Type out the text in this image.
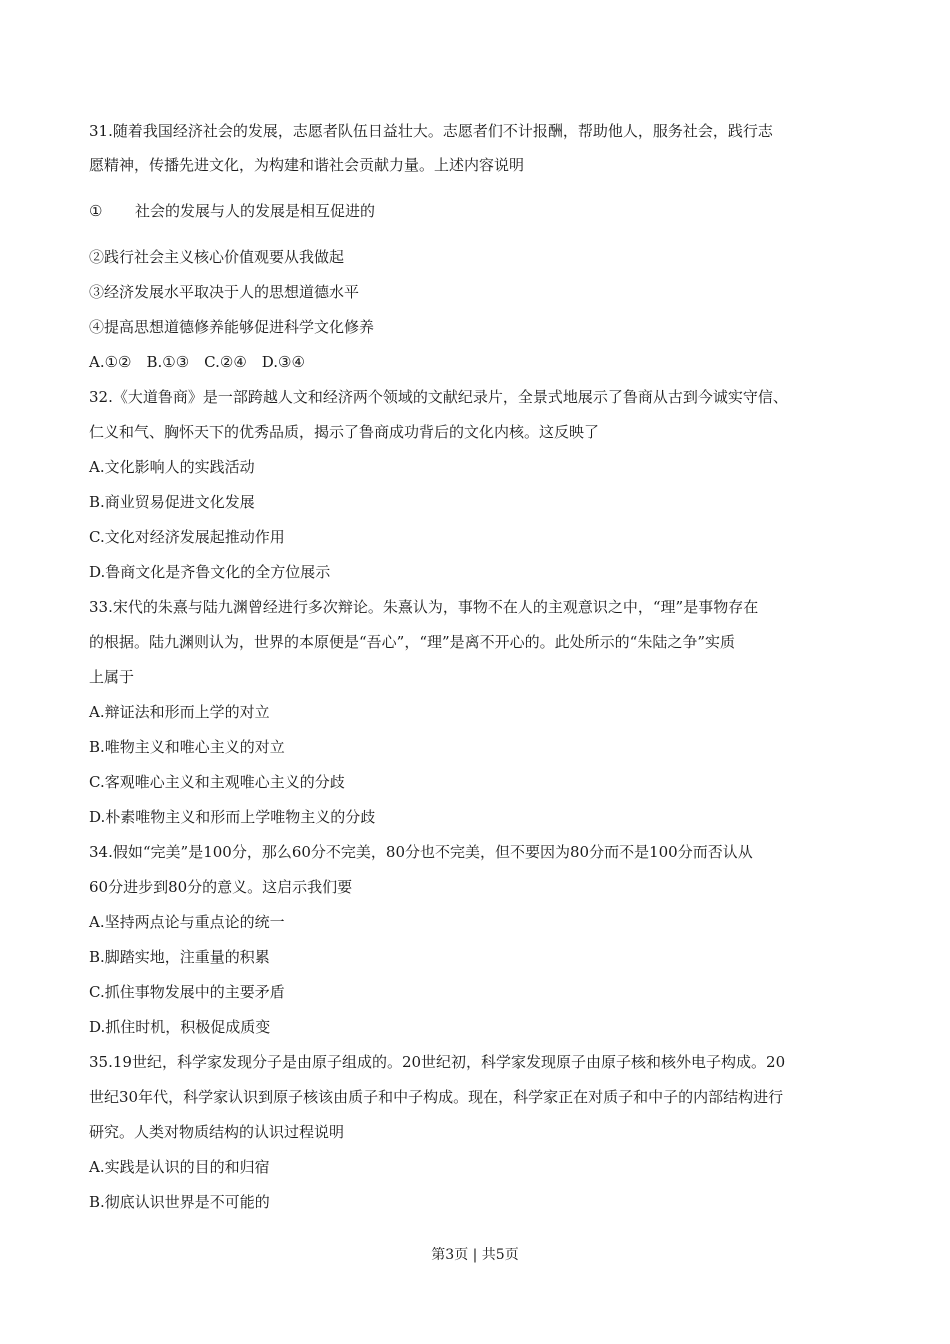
31.随着我国经济社会的发展，志愿者队伍日益壮大。志愿者们不计报酬，帮助他人，服务社会，践行志

愿精神，传播先进文化，为构建和谐社会贡献力量。上述内容说明

①	社会的发展与人的发展是相互促进的

②践行社会主义核心价值观要从我做起

③经济发展水平取决于人的思想道德水平

④提高思想道德修养能够促进科学文化修养

A.①②　B.①③　C.②④　D.③④

32.《大道鲁商》是一部跨越人文和经济两个领域的文献纪录片，全景式地展示了鲁商从古到今诚实守信、

仁义和气、胸怀天下的优秀品质，揭示了鲁商成功背后的文化内核。这反映了

A.文化影响人的实践活动

B.商业贸易促进文化发展

C.文化对经济发展起推动作用

D.鲁商文化是齐鲁文化的全方位展示

33.宋代的朱熹与陆九渊曾经进行多次辩论。朱熹认为，事物不在人的主观意识之中，“理”是事物存在

的根据。陆九渊则认为，世界的本原便是“吾心”，“理”是离不开心的。此处所示的“朱陆之争”实质

上属于

A.辩证法和形而上学的对立

B.唯物主义和唯心主义的对立

C.客观唯心主义和主观唯心主义的分歧

D.朴素唯物主义和形而上学唯物主义的分歧

34.假如“完美”是100分，那么60分不完美，80分也不完美，但不要因为80分而不是100分而否认从

60分进步到80分的意义。这启示我们要

A.坚持两点论与重点论的统一

B.脚踏实地，注重量的积累

C.抓住事物发展中的主要矛盾

D.抓住时机，积极促成质变

35.19世纪，科学家发现分子是由原子组成的。20世纪初，科学家发现原子由原子核和核外电子构成。20

世纪30年代，科学家认识到原子核该由质子和中子构成。现在，科学家正在对质子和中子的内部结构进行

研究。人类对物质结构的认识过程说明

A.实践是认识的目的和归宿

B.彻底认识世界是不可能的

第3页 | 共5页
